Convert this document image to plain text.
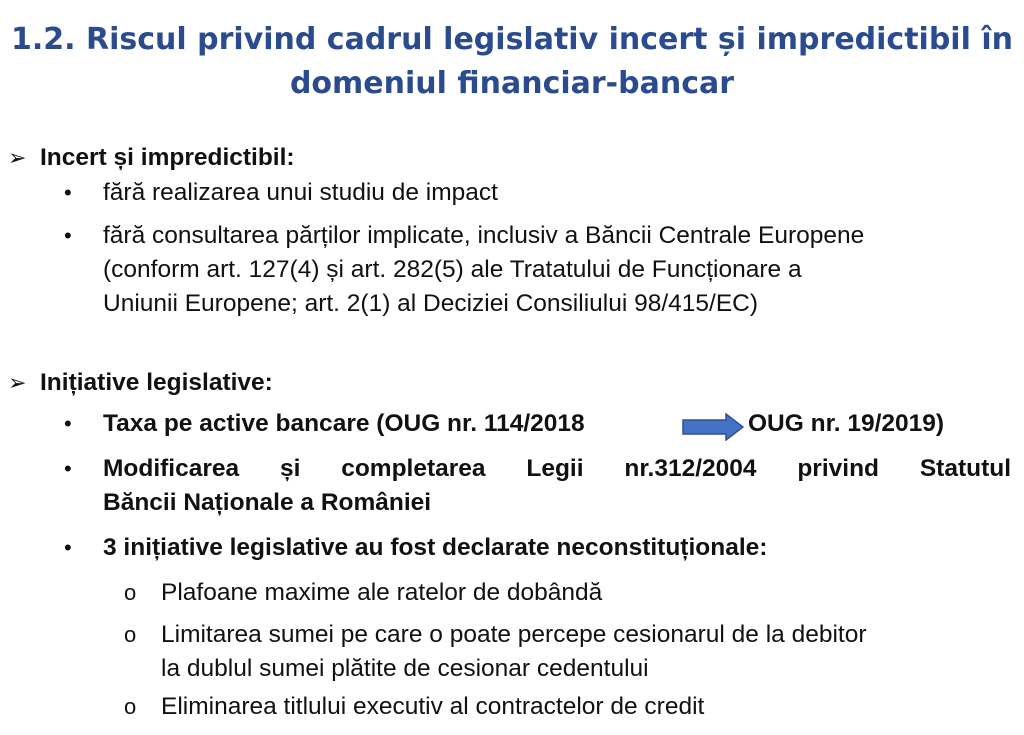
1.2. Riscul privind cadrul legislativ incert și impredictibil în
domeniul financiar-bancar
➢ Incert și impredictibil:
• fără realizarea unui studiu de impact
• fără consultarea părților implicate, inclusiv a Băncii Centrale Europene
(conform art. 127(4) și art. 282(5) ale Tratatului de Funcționare a
Uniunii Europene; art. 2(1) al Deciziei Consiliului 98/415/EC)
➢ Inițiative legislative:
• Taxa pe active bancare (OUG nr. 114/2018	OUG nr. 19/2019)
• Modificarea și completarea Legii nr.312/2004 privind Statutul
Băncii Naționale a României
• 3 inițiative legislative au fost declarate neconstituționale:
o Plafoane maxime ale ratelor de dobândă
o Limitarea sumei pe care o poate percepe cesionarul de la debitor
la dublul sumei plătite de cesionar cedentului
o Eliminarea titlului executiv al contractelor de credit
